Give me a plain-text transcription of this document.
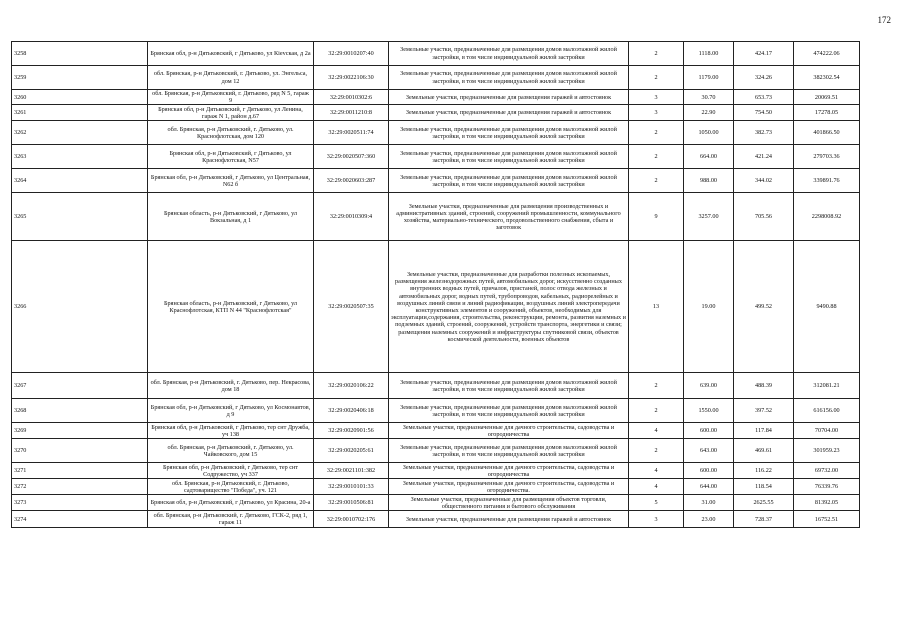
172
3258	Брянская обл, р-н Дятьковский, г Дятьково, ул Кievская, д 2а	32:29:0010207:40	Земельные участки, предназначенные для размещения домов малоэтажной жилой застройки, в том числе индивидуальной жилой застройки	2	1118.00	424.17	474222.06
3259	обл. Брянская, р-н Дятьковский, г. Дятьково, ул. Энгельса, дом 12	32:29:0022106:30	Земельные участки, предназначенные для размещения домов малоэтажной жилой застройки, в том числе индивидуальной жилой застройки	2	1179.00	324.26	382302.54
3260	обл. Брянская, р-н Дятьковский, г. Дятьково, ряд N 5, гараж 9	32:29:0010302:6	Земельные участки, предназначенные для размещения гаражей и автостоянок	3	30.70	653.73	20069.51
3261	Брянская обл, р-н Дятьковский, г Дятьково, ул Ленина, гараж N 1, район д.67	32:29:0011210:8	Земельные участки, предназначенные для размещения гаражей и автостоянок	3	22.90	754.50	17278.05
3262	обл. Брянская, р-н Дятьковский, г. Дятьково, ул. Краснофлотская, дом 120	32:29:0020511:74	Земельные участки, предназначенные для размещения домов малоэтажной жилой застройки, в том числе индивидуальной жилой застройки	2	1050.00	382.73	401866.50
3263	Брянская обл, р-н Дятьковский, г Дятьково, ул Краснофлотская, N57	32:29:0020507:360	Земельные участки, предназначенные для размещения домов малоэтажной жилой застройки, в том числе индивидуальной жилой застройки	2	664.00	421.24	279703.36
3264	Брянская обл, р-н Дятьковский, г Дятьково, ул Центральная, N62 б	32:29:0020603:287	Земельные участки, предназначенные для размещения домов малоэтажной жилой застройки, в том числе индивидуальной жилой застройки	2	988.00	344.02	339891.76
3265	Брянская область, р-н Дятьковский, г Дятьково, ул Вокзальная, д 1	32:29:0010309:4	Земельные участки, предназначенные для размещения производственных и административных зданий, строений, сооружений промышленности, коммунального хозяйства, материально-технического, продовольственного снабжения, сбыта и заготовок	9	3257.00	705.56	2298008.92
3266	Брянская область, р-н Дятьковский, г Дятьково, ул Краснофлотская, КТП N 44 "Краснофлотская"	32:29:0020507:35	Земельные участки, предназначенные для разработки полезных ископаемых, размещения железнодорожных путей, автомобильных дорог, искусственно созданных внутренних водных путей, причалов, пристаней, полос отвода железных и автомобильных дорог, водных путей, трубопроводов, кабельных, радиорелейных и воздушных линий связи и линий радиофикации, воздушных линий электропередачи конструктивных элементов и сооружений, объектов, необходимых для эксплуатации,содержания, строительства, реконструкции, ремонта, развития наземных и подземных зданий, строений, сооружений, устройств транспорта, энергетики и связи; размещения наземных сооружений и инфраструктуры спутниковой связи, объектов космической деятельности, военных объектов	13	19.00	499.52	9490.88
3267	обл. Брянская, р-н Дятьковский, г. Дятьково, пер. Некрасова, дом 18	32:29:0020106:22	Земельные участки, предназначенные для размещения домов малоэтажной жилой застройки, в том числе индивидуальной жилой застройки	2	639.00	488.39	312081.21
3268	Брянская обл, р-н Дятьковский, г Дятьково, ул Космонавтов, д 9	32:29:0020406:18	Земельные участки, предназначенные для размещения домов малоэтажной жилой застройки, в том числе индивидуальной жилой застройки	2	1550.00	397.52	616156.00
3269	Брянская обл, р-н Дятьковский, г Дятьково, тер снт Дружба, уч 138	32:29:0020901:56	Земельные участки, предназначенные для дачного строительства, садоводства и огородничества	4	600.00	117.84	70704.00
3270	обл. Брянская, р-н Дятьковский, г. Дятьково, ул. Чайковского, дом 15	32:29:0020205:61	Земельные участки, предназначенные для размещения домов малоэтажной жилой застройки, в том числе индивидуальной жилой застройки	2	643.00	469.61	301959.23
3271	Брянская обл, р-н Дятьковский, г Дятьково, тер снт Содружество, уч 337	32:29:0021101:382	Земельные участки, предназначенные для дачного строительства, садоводства и огородничества	4	600.00	116.22	69732.00
3272	обл. Брянская, р-н Дятьковский, г. Дятьково, садтоварищество "Победа", уч. 121	32:29:0010101:33	Земельные участки, предназначенные для дачного строительства, садоводства и огородничества.	4	644.00	118.54	76339.76
3273	Брянская обл, р-н Дятьковский, г Дятьково, ул Красина, 20-а	32:29:0010506:81	Земельные участки, предназначенные для размещения объектов торговли, общественного питания и бытового обслуживания	5	31.00	2625.55	81392.05
3274	обл. Брянская, р-н Дятьковский, г. Дятьково, ГСК-2, ряд 1, гараж 11	32:29:0010702:176	Земельные участки, предназначенные для размещения гаражей и автостоянок	3	23.00	728.37	16752.51
